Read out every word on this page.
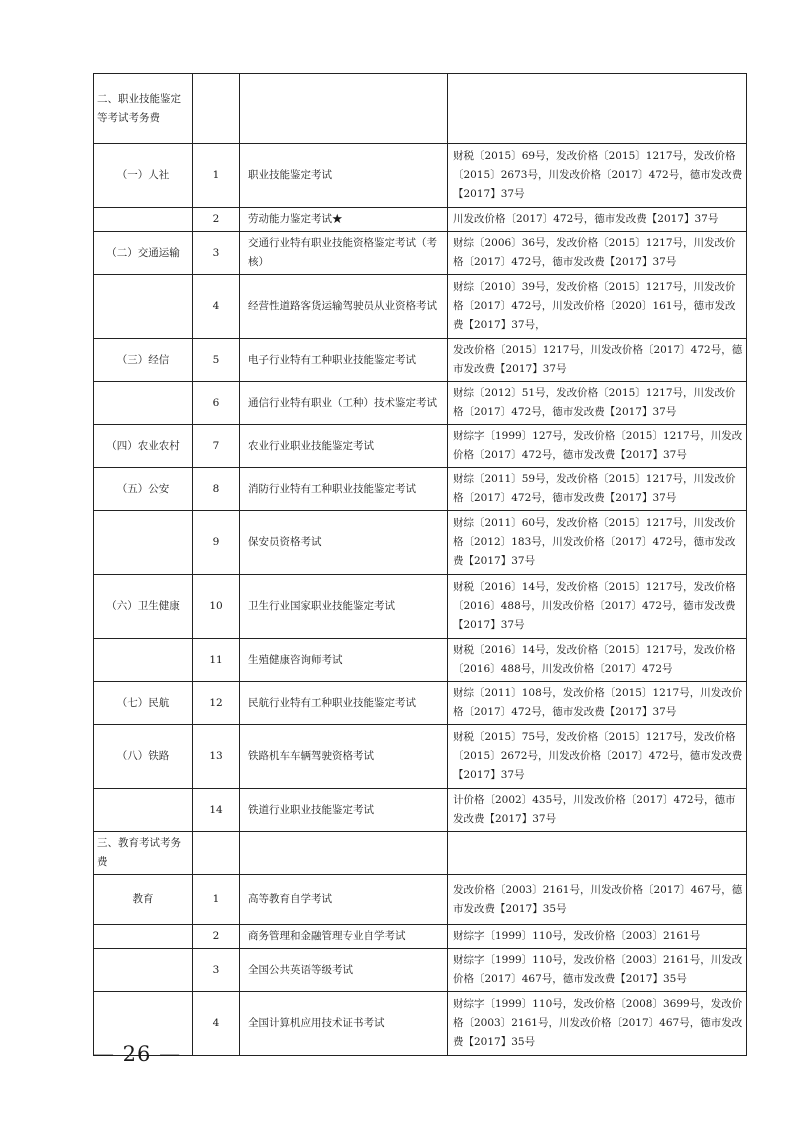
二、职业技能鉴定等考试考务费			
（一）人社	1	职业技能鉴定考试	财税〔2015〕69号，发改价格〔2015〕1217号，发改价格〔2015〕2673号，川发改价格〔2017〕472号，德市发改费【2017】37号
	2	劳动能力鉴定考试★	川发改价格〔2017〕472号，德市发改费【2017】37号
（二）交通运输	3	交通行业特有职业技能资格鉴定考试（考核）	财综〔2006〕36号，发改价格〔2015〕1217号，川发改价格〔2017〕472号，德市发改费【2017】37号
	4	经营性道路客货运输驾驶员从业资格考试	财综〔2010〕39号，发改价格〔2015〕1217号，川发改价格〔2017〕472号，川发改价格〔2020〕161号，德市发改费【2017】37号，
（三）经信	5	电子行业特有工种职业技能鉴定考试	发改价格〔2015〕1217号，川发改价格〔2017〕472号，德市发改费【2017】37号
	6	通信行业特有职业（工种）技术鉴定考试	财综〔2012〕51号，发改价格〔2015〕1217号，川发改价格〔2017〕472号，德市发改费【2017】37号
（四）农业农村	7	农业行业职业技能鉴定考试	财综字〔1999〕127号，发改价格〔2015〕1217号，川发改价格〔2017〕472号，德市发改费【2017】37号
（五）公安	8	消防行业特有工种职业技能鉴定考试	财综〔2011〕59号，发改价格〔2015〕1217号，川发改价格〔2017〕472号，德市发改费【2017】37号
	9	保安员资格考试	财综〔2011〕60号，发改价格〔2015〕1217号，川发改价格〔2012〕183号，川发改价格〔2017〕472号，德市发改费【2017】37号
（六）卫生健康	10	卫生行业国家职业技能鉴定考试	财税〔2016〕14号，发改价格〔2015〕1217号，发改价格〔2016〕488号，川发改价格〔2017〕472号，德市发改费【2017】37号
	11	生殖健康咨询师考试	财税〔2016〕14号，发改价格〔2015〕1217号，发改价格〔2016〕488号，川发改价格〔2017〕472号
（七）民航	12	民航行业特有工种职业技能鉴定考试	财综〔2011〕108号，发改价格〔2015〕1217号，川发改价格〔2017〕472号，德市发改费【2017】37号
（八）铁路	13	铁路机车车辆驾驶资格考试	财税〔2015〕75号，发改价格〔2015〕1217号，发改价格〔2015〕2672号，川发改价格〔2017〕472号，德市发改费【2017】37号
	14	铁道行业职业技能鉴定考试	计价格〔2002〕435号，川发改价格〔2017〕472号，德市发改费【2017】37号
三、教育考试考务费			
教育	1	高等教育自学考试	发改价格〔2003〕2161号，川发改价格〔2017〕467号，德市发改费【2017】35号
	2	商务管理和金融管理专业自学考试	财综字〔1999〕110号，发改价格〔2003〕2161号
	3	全国公共英语等级考试	财综字〔1999〕110号，发改价格〔2003〕2161号，川发改价格〔2017〕467号，德市发改费【2017】35号
	4	全国计算机应用技术证书考试	财综字〔1999〕110号，发改价格〔2008〕3699号，发改价格〔2003〕2161号，川发改价格〔2017〕467号，德市发改费【2017】35号
— 26 —
